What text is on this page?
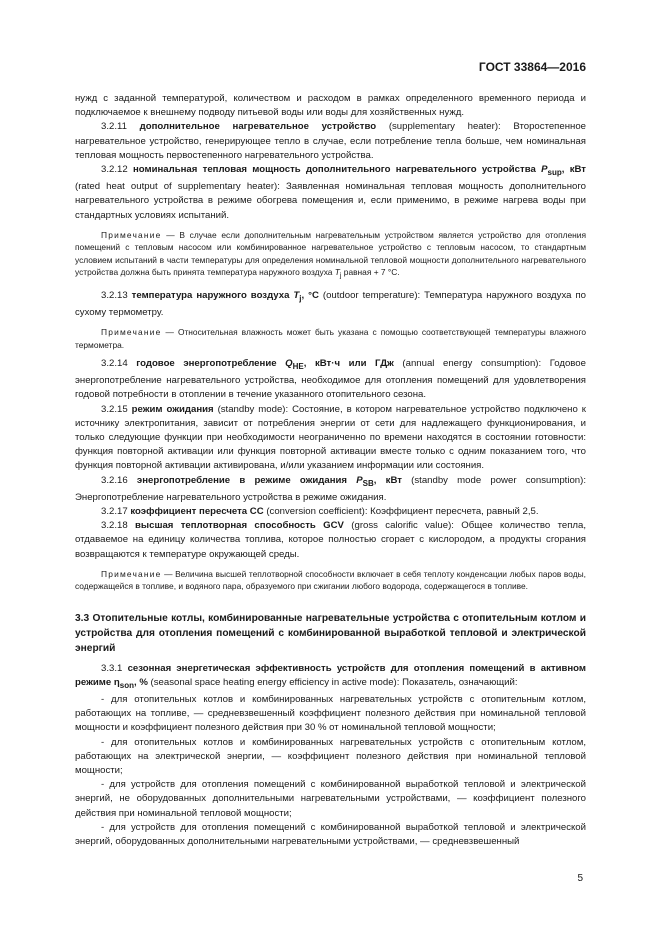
ГОСТ 33864—2016

нужд с заданной температурой, количеством и расходом в рамках определенного временного периода и подключаемое к внешнему подводу питьевой воды или воды для хозяйственных нужд.

3.2.11 дополнительное нагревательное устройство (supplementary heater): Второстепенное нагревательное устройство, генерирующее тепло в случае, если потребление тепла больше, чем номинальная тепловая мощность первостепенного нагревательного устройства.

3.2.12 номинальная тепловая мощность дополнительного нагревательного устройства $P_{sup}$, кВт (rated heat output of supplementary heater): Заявленная номинальная тепловая мощность дополнительного нагревательного устройства в режиме обогрева помещения и, если применимо, в режиме нагрева воды при стандартных условиях испытаний.

Примечание — В случае если дополнительным нагревательным устройством является устройство для отопления помещений с тепловым насосом или комбинированное нагревательное устройство с тепловым насосом, то стандартным условием испытаний в части температуры для определения номинальной тепловой мощности дополнительного нагревательного устройства должна быть принята температура наружного воздуха $T_j$ равная + 7 °С.

3.2.13 температура наружного воздуха $T_j$, °С (outdoor temperature): Температура наружного воздуха по сухому термометру.

Примечание — Относительная влажность может быть указана с помощью соответствующей температуры влажного термометра.

3.2.14 годовое энергопотребление $Q_{HE}$, кВт·ч или ГДж (annual energy consumption): Годовое энергопотребление нагревательного устройства, необходимое для отопления помещений для удовлетворения годовой потребности в отоплении в течение указанного отопительного сезона.

3.2.15 режим ожидания (standby mode): Состояние, в котором нагревательное устройство подключено к источнику электропитания, зависит от потребления энергии от сети для надлежащего функционирования, и только следующие функции при необходимости неограниченно по времени находятся в состоянии готовности: функция повторной активации или функция повторной активации вместе только с одним показанием того, что функция повторной активации активирована, и/или указанием информации или состояния.

3.2.16 энергопотребление в режиме ожидания $P_{SB}$, кВт (standby mode power consumption): Энергопотребление нагревательного устройства в режиме ожидания.

3.2.17 коэффициент пересчета CC (conversion coefficient): Коэффициент пересчета, равный 2,5.

3.2.18 высшая теплотворная способность GCV (gross calorific value): Общее количество тепла, отдаваемое на единицу количества топлива, которое полностью сгорает с кислородом, а продукты сгорания возвращаются к температуре окружающей среды.

Примечание — Величина высшей теплотворной способности включает в себя теплоту конденсации любых паров воды, содержащейся в топливе, и водяного пара, образуемого при сжигании любого водорода, содержащегося в топливе.

3.3 Отопительные котлы, комбинированные нагревательные устройства с отопительным котлом и устройства для отопления помещений с комбинированной выработкой тепловой и электрической энергий

3.3.1 сезонная энергетическая эффективность устройств для отопления помещений в активном режиме $\eta_{son}$, % (seasonal space heating energy efficiency in active mode): Показатель, означающий:

- для отопительных котлов и комбинированных нагревательных устройств с отопительным котлом, работающих на топливе, — средневзвешенный коэффициент полезного действия при номинальной тепловой мощности и коэффициент полезного действия при 30 % от номинальной тепловой мощности;

- для отопительных котлов и комбинированных нагревательных устройств с отопительным котлом, работающих на электрической энергии, — коэффициент полезного действия при номинальной тепловой мощности;

- для устройств для отопления помещений с комбинированной выработкой тепловой и электрической энергий, не оборудованных дополнительными нагревательными устройствами, — коэффициент полезного действия при номинальной тепловой мощности;

- для устройств для отопления помещений с комбинированной выработкой тепловой и электрической энергий, оборудованных дополнительными нагревательными устройствами, — средневзвешенный

5
